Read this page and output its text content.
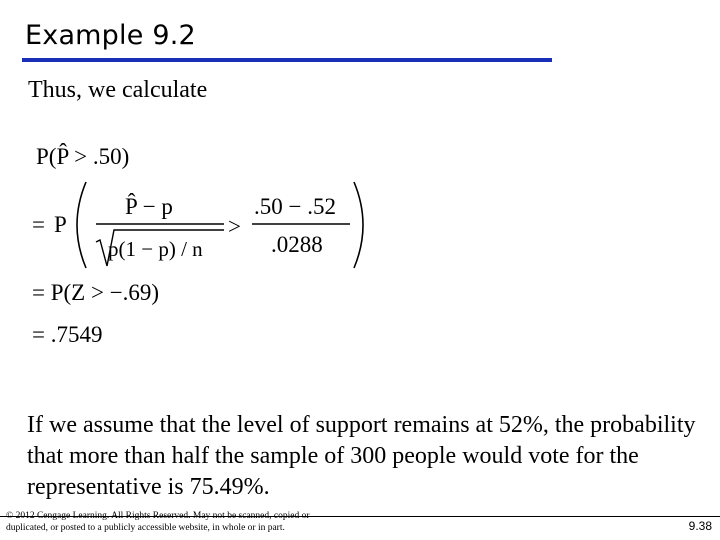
Example 9.2
Thus, we calculate
P(P̂ > .50)
= P
P̂ − p
p(1 − p) / n
>
.50 − .52
.0288
= P(Z > −.69)
= .7549
If we assume that the level of support remains at 52%, the probability that more than half the sample of 300 people would vote for the representative is 75.49%.
© 2012 Cengage Learning. All Rights Reserved. May not be scanned, copied or duplicated, or posted to a publicly accessible website, in whole or in part.	9.38
